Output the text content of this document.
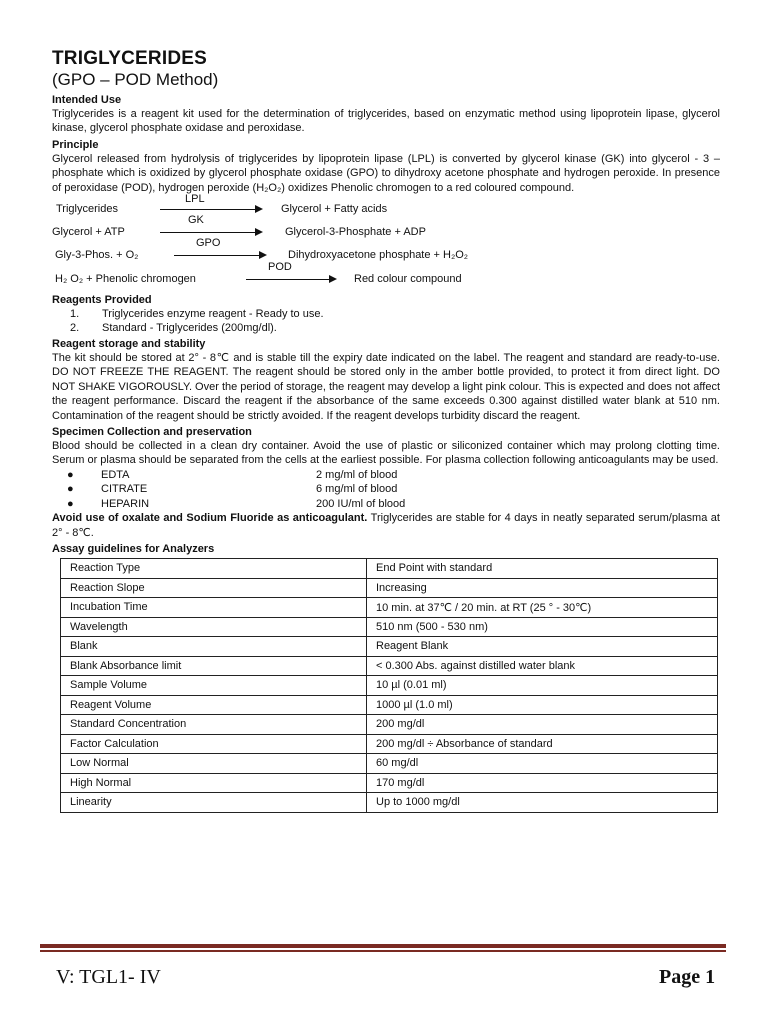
TRIGLYCERIDES
(GPO – POD Method)
Intended Use
Triglycerides is a reagent kit used for the determination of triglycerides, based on enzymatic method using lipoprotein lipase, glycerol kinase, glycerol phosphate oxidase and peroxidase.
Principle
Glycerol released from hydrolysis of triglycerides by lipoprotein lipase (LPL) is converted by glycerol kinase (GK) into glycerol - 3 – phosphate which is oxidized by glycerol phosphate oxidase (GPO) to dihydroxy acetone phosphate and hydrogen peroxide. In presence of peroxidase (POD), hydrogen peroxide (H₂O₂) oxidizes Phenolic chromogen to a red coloured compound.
Triglycerides
LPL
Glycerol + Fatty acids
Glycerol + ATP
GK
Glycerol-3-Phosphate + ADP
Gly-3-Phos. + O₂
GPO
Dihydroxyacetone phosphate + H₂O₂
H₂ O₂ + Phenolic chromogen
POD
Red colour compound
Reagents Provided
1.	Triglycerides enzyme reagent - Ready to use.
2.	Standard - Triglycerides (200mg/dl).
Reagent storage and stability
The kit should be stored at 2° - 8℃ and is stable till the expiry date indicated on the label. The reagent and standard are ready-to-use. DO NOT FREEZE THE REAGENT. The reagent should be stored only in the amber bottle provided, to protect it from direct light. DO NOT SHAKE VIGOROUSLY. Over the period of storage, the reagent may develop a light pink colour. This is expected and does not affect the reagent performance. Discard the reagent if the absorbance of the same exceeds 0.300 against distilled water blank at 510 nm. Contamination of the reagent should be strictly avoided. If the reagent develops turbidity discard the reagent.
Specimen Collection and preservation
Blood should be collected in a clean dry container. Avoid the use of plastic or siliconized container which may prolong clotting time. Serum or plasma should be separated from the cells at the earliest possible. For plasma collection following anticoagulants may be used.
●	EDTA	2 mg/ml of blood
●	CITRATE	6 mg/ml of blood
●	HEPARIN	200 IU/ml of blood
Avoid use of oxalate and Sodium Fluoride as anticoagulant. Triglycerides are stable for 4 days in neatly separated serum/plasma at 2° - 8℃.
Assay guidelines for Analyzers
Reaction Type	End Point with standard
Reaction Slope	Increasing
Incubation Time	10 min. at 37℃ / 20 min. at RT (25 ° - 30℃)
Wavelength	510 nm (500 - 530 nm)
Blank	Reagent Blank
Blank Absorbance limit	< 0.300 Abs. against distilled water blank
Sample Volume	10 µl (0.01 ml)
Reagent Volume	1000 µl (1.0 ml)
Standard Concentration	200 mg/dl
Factor Calculation	200 mg/dl ÷ Absorbance of standard
Low Normal	60 mg/dl
High Normal	170 mg/dl
Linearity	Up to 1000 mg/dl
V: TGL1- IV	Page 1
